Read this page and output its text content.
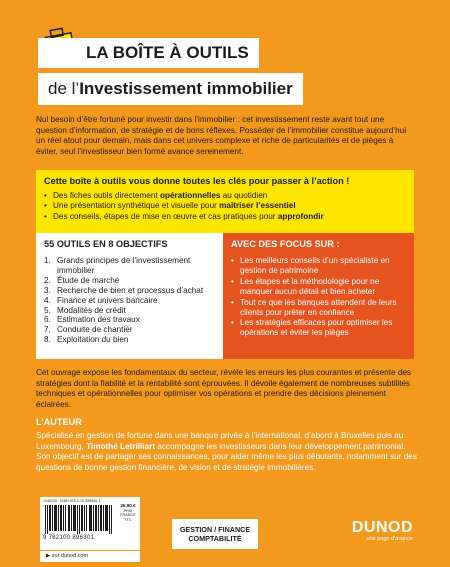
LA BOÎTE À OUTILS
de l’Investissement immobilier

Nul besoin d’être fortuné pour investir dans l’immobilier : cet investissement reste avant tout une question d’information, de stratégie et de bons réflexes. Posséder de l’immobilier constitue aujourd’hui un réel atout pour demain, mais dans cet univers complexe et riche de particularités et de pièges à éviter, seul l’investisseur bien formé avance sereinement.

Cette boîte à outils vous donne toutes les clés pour passer à l’action !
• Des fiches outils directement opérationnelles au quotidien
• Une présentation synthétique et visuelle pour maîtriser l’essentiel
• Des conseils, étapes de mise en œuvre et cas pratiques pour approfondir
55 OUTILS EN 8 OBJECTIFS
1. Grands principes de l’investissement immobilier
2. Étude de marché
3. Recherche de bien et processus d’achat
4. Finance et univers bancaire
5. Modalités de crédit
6. Estimation des travaux
7. Conduite de chantier
8. Exploitation du bien
AVEC DES FOCUS SUR :
• Les meilleurs conseils d’un spécialiste en gestion de patrimoine
• Les étapes et la méthodologie pour ne manquer aucun détail et bien acheter
• Tout ce que les banques attendent de leurs clients pour prêter en confiance
• Les stratégies efficaces pour optimiser les opérations et éviter les pièges

Cet ouvrage expose les fondamentaux du secteur, révèle les erreurs les plus courantes et présente des stratégies dont la fiabilité et la rentabilité sont éprouvées. Il dévoile également de nombreuses subtilités techniques et opérationnelles pour optimiser vos opérations et prendre des décisions pleinement éclairées.

L’AUTEUR

Spécialisé en gestion de fortune dans une banque privée à l’international, d’abord à Bruxelles puis au Luxembourg, Timothé Letrilliart accompagne les investisseurs dans leur développement patrimonial. Son objectif est de partager ses connaissances, pour aider même les plus débutants, notamment sur des questions de bonne gestion financière, de vision et de stratégie immobilières.

1248120 · ISBN 978-2-10-089630-1
9 782100 896301
26,90 €
PRIX
FRANCE
TTC
▶ sur dunod.com
GESTION / FINANCE
COMPTABILITÉ
DUNOD
une page d’avance
